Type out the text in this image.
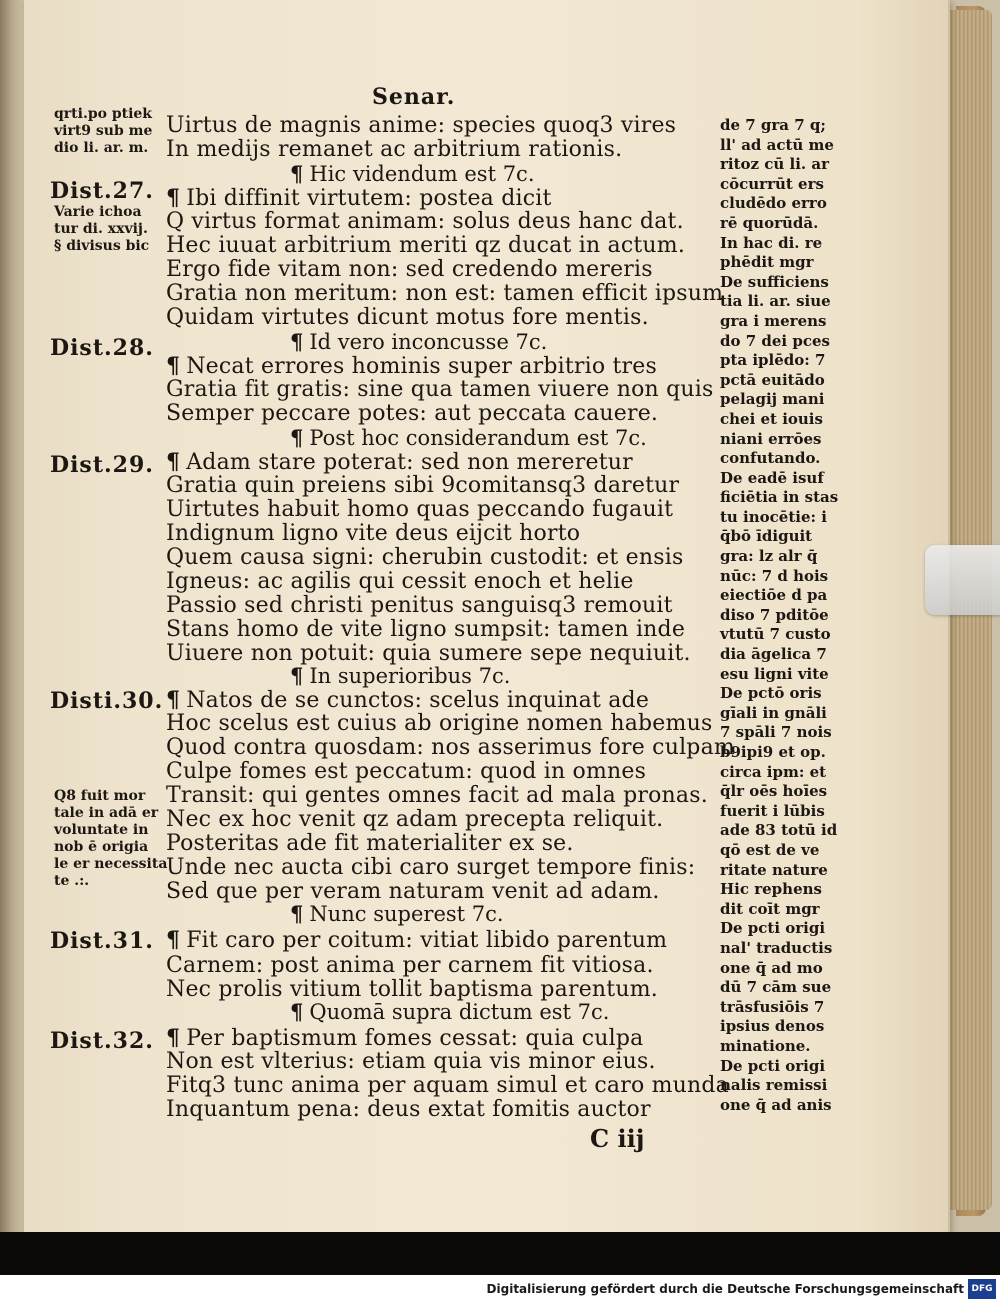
Senar.
qrti.po ptiek
virt9 sub me
dio li. ar. m.
Dist.27.
Varie ichoa
tur di. xxvij.
§ divisus bic
Dist.28.
Dist.29.
Disti.30.
Q8 fuit mor
tale in adā er
voluntate in
nob ē origia
le er necessita
te .:.
Dist.31.
Dist.32.
Uirtus de magnis anime: species quoq3 vires
In medijs remanet ac arbitrium rationis.
¶ Hic videndum est 7c.
¶ Ibi diffinit virtutem: postea dicit
Q virtus format animam: solus deus hanc dat.
Hec iuuat arbitrium meriti qz ducat in actum.
Ergo fide vitam non: sed credendo mereris
Gratia non meritum: non est: tamen efficit ipsum
Quidam virtutes dicunt motus fore mentis.
¶ Id vero inconcusse 7c.
¶ Necat errores hominis super arbitrio tres
Gratia fit gratis: sine qua tamen viuere non quis
Semper peccare potes: aut peccata cauere.
¶ Post hoc considerandum est 7c.
¶ Adam stare poterat: sed non mereretur
Gratia quin preiens sibi 9comitansq3 daretur
Uirtutes habuit homo quas peccando fugauit
Indignum ligno vite deus eijcit horto
Quem causa signi: cherubin custodit: et ensis
Igneus: ac agilis qui cessit enoch et helie
Passio sed christi penitus sanguisq3 remouit
Stans homo de vite ligno sumpsit: tamen inde
Uiuere non potuit: quia sumere sepe nequiuit.
¶ In superioribus 7c.
¶ Natos de se cunctos: scelus inquinat ade
Hoc scelus est cuius ab origine nomen habemus
Quod contra quosdam: nos asserimus fore culpam
Culpe fomes est peccatum: quod in omnes
Transit: qui gentes omnes facit ad mala pronas.
Nec ex hoc venit qz adam precepta reliquit.
Posteritas ade fit materialiter ex se.
Unde nec aucta cibi caro surget tempore finis:
Sed que per veram naturam venit ad adam.
¶ Nunc superest 7c.
¶ Fit caro per coitum: vitiat libido parentum
Carnem: post anima per carnem fit vitiosa.
Nec prolis vitium tollit baptisma parentum.
¶ Quomā supra dictum est 7c.
¶ Per baptismum fomes cessat: quia culpa
Non est vlterius: etiam quia vis minor eius.
Fitq3 tunc anima per aquam simul et caro munda
Inquantum pena: deus extat fomitis auctor
C iij
de 7 gra 7 q;
ll' ad actū me
ritoz cū li. ar
cōcurrūt ers
cludēdo erro
rē quorūdā.
In hac di. re
phēdit mgr
De sufficiens
tia li. ar. siue
gra i merens
do 7 dei pces
pta iplēdo: 7
pctā euitādo
pelagij mani
chei et iouis
niani errōes
confutando.
De eadē isuf
ficiētia in stas
tu inocētie: i
q̄bō īdiguit
gra: lz alr q̄
nūc: 7 d hois
eiectiōe d pa
diso 7 pditōe
vtutū 7 custo
dia āgelica 7
esu ligni vite
De pctō oris
gīali in gnāli
7 spāli 7 nois
b9ipi9 et op.
circa ipm: et
q̄lr oēs hoīes
fuerit i lūbis
ade 83 totū id
qō est de ve
ritate nature
Hic rephens
dit coīt mgr
De pcti origi
nal' traductis
one q̄ ad mo
dū 7 cām sue
trāsfusiōis 7
ipsius denos
minatione.
De pcti origi
nalis remissi
one q̄ ad anis
Digitalisierung gefördert durch die Deutsche Forschungsgemeinschaft DFG
